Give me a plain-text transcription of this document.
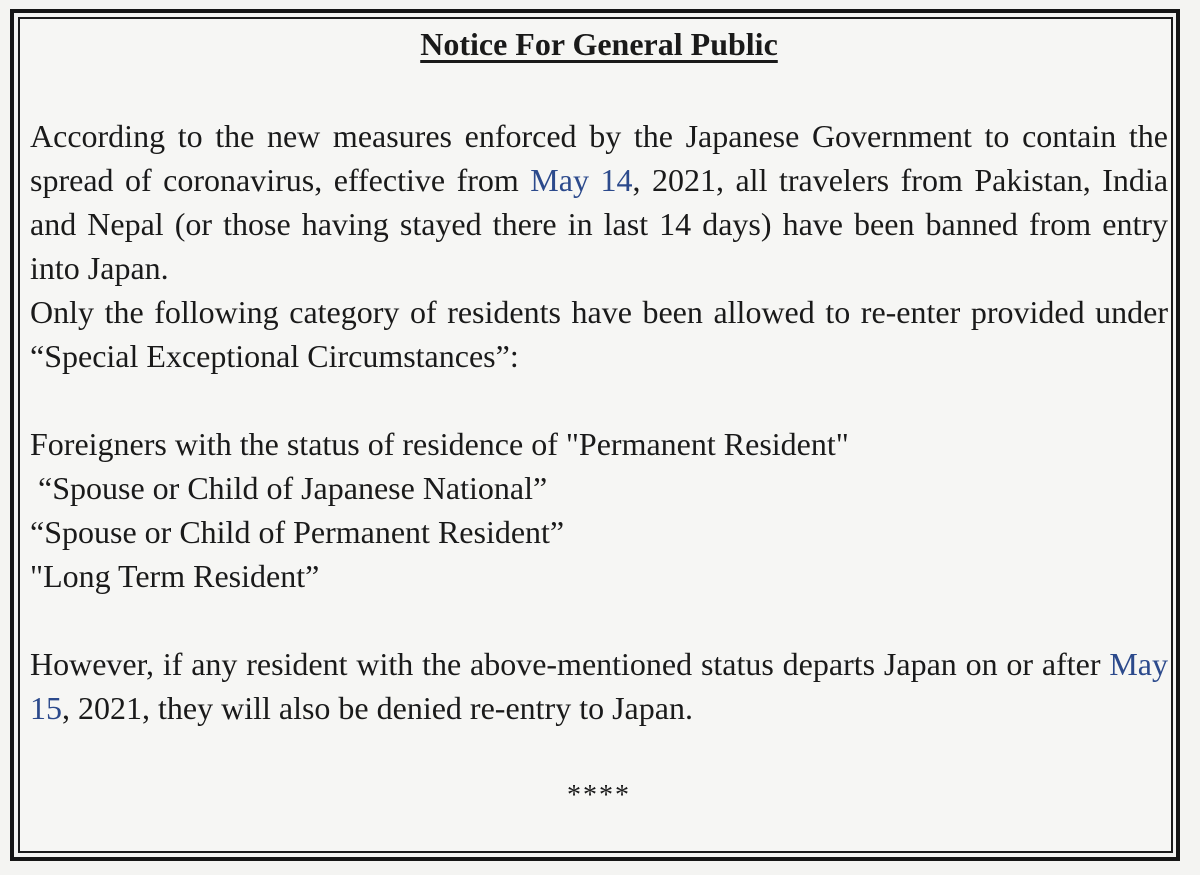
Notice For General Public

According to the new measures enforced by the Japanese Government to contain the spread of coronavirus, effective from May 14, 2021, all travelers from Pakistan, India and Nepal (or those having stayed there in last 14 days) have been banned from entry into Japan.

Only the following category of residents have been allowed to re-enter provided under “Special Exceptional Circumstances”:

Foreigners with the status of residence of "Permanent Resident"

“Spouse or Child of Japanese National”

“Spouse or Child of Permanent Resident”

"Long Term Resident”

However, if any resident with the above-mentioned status departs Japan on or after May 15, 2021, they will also be denied re-entry to Japan.

****
